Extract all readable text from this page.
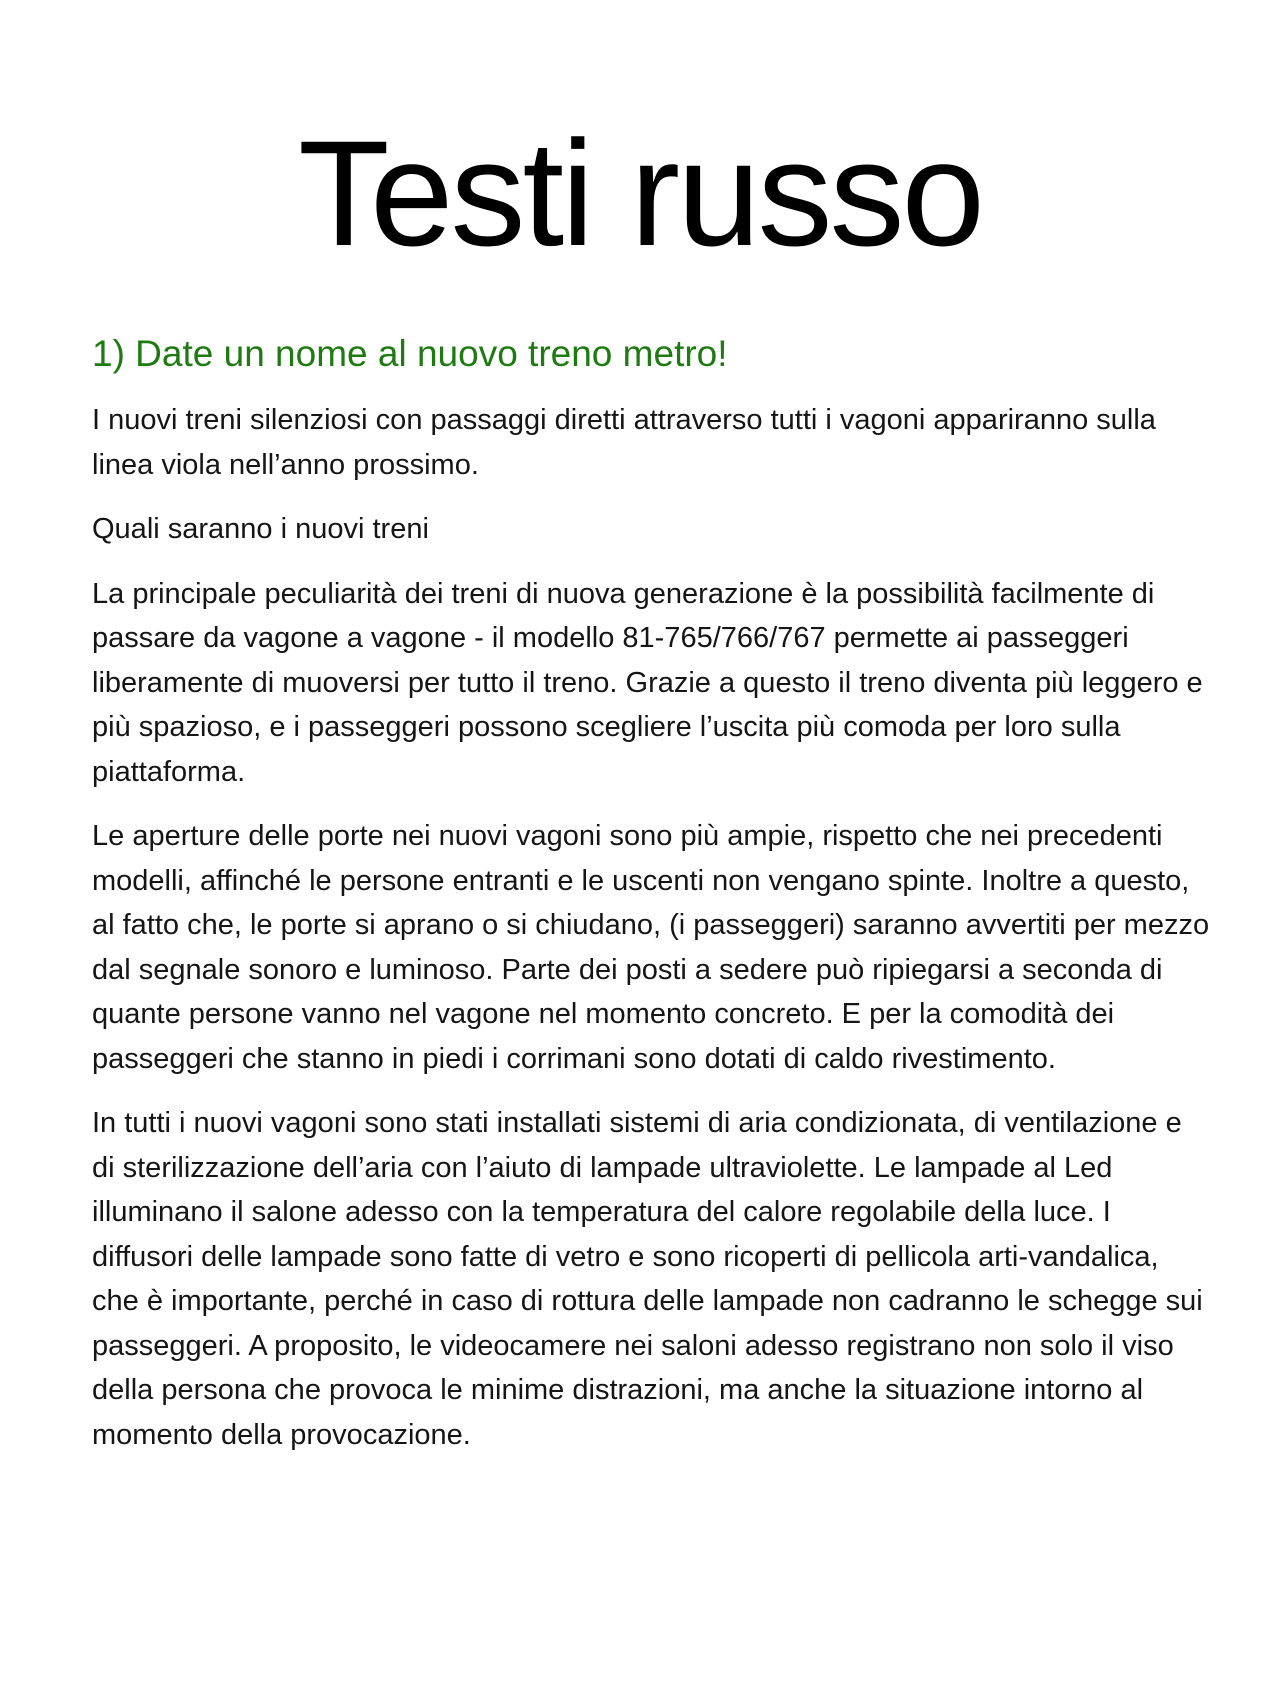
Testi russo
1) Date un nome al nuovo treno metro!

I nuovi treni silenziosi con passaggi diretti attraverso tutti i vagoni appariranno sulla linea viola nell’anno prossimo.

Quali saranno i nuovi treni

La principale peculiarità dei treni di nuova generazione è la possibilità facilmente di passare da vagone a vagone - il modello 81-765/766/767 permette ai passeggeri liberamente di muoversi per tutto il treno. Grazie a questo il treno diventa più leggero e più spazioso, e i passeggeri possono scegliere l’uscita più comoda per loro sulla piattaforma.

Le aperture delle porte nei nuovi vagoni sono più ampie, rispetto che nei precedenti modelli, affinché le persone entranti e le uscenti non vengano spinte. Inoltre a questo, al fatto che, le porte si aprano o si chiudano, (i passeggeri) saranno avvertiti per mezzo dal segnale sonoro e luminoso. Parte dei posti a sedere può ripiegarsi a seconda di quante persone vanno nel vagone nel momento concreto. E per la comodità dei passeggeri che stanno in piedi i corrimani sono dotati di caldo rivestimento.

In tutti i nuovi vagoni sono stati installati sistemi di aria condizionata, di ventilazione e di sterilizzazione dell’aria con l’aiuto di lampade ultraviolette. Le lampade al Led illuminano il salone adesso con la temperatura del calore regolabile della luce. I diffusori delle lampade sono fatte di vetro e sono ricoperti di pellicola arti-vandalica, che è importante, perché in caso di rottura delle lampade non cadranno le schegge sui passeggeri. A proposito, le videocamere nei saloni adesso registrano non solo il viso della persona che provoca le minime distrazioni, ma anche la situazione intorno al momento della provocazione.
